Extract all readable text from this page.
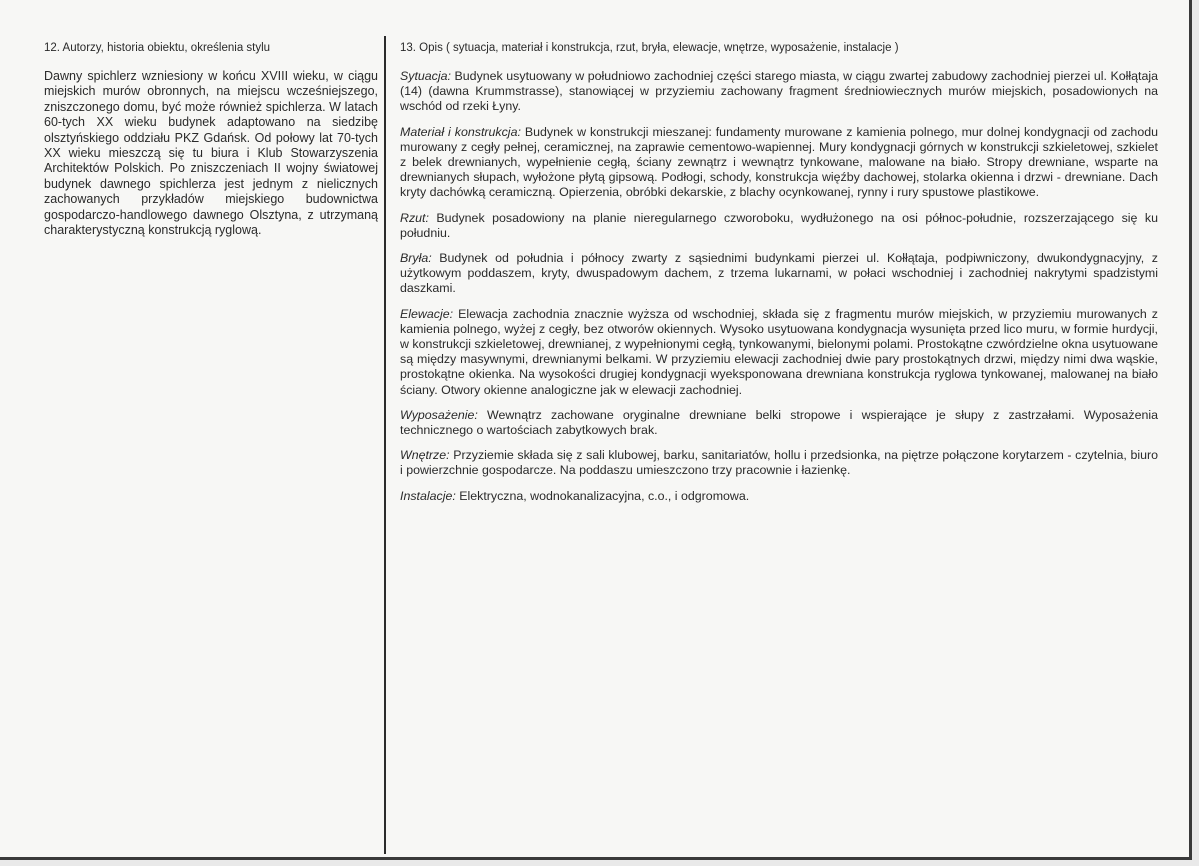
12. Autorzy, historia obiektu, określenia stylu

Dawny spichlerz wzniesiony w końcu XVIII wieku, w ciągu miejskich murów obronnych, na miejscu wcześniejszego, zniszczonego domu, być może również spichlerza. W latach 60-tych XX wieku budynek adaptowano na siedzibę olsztyńskiego oddziału PKZ Gdańsk. Od połowy lat 70-tych XX wieku mieszczą się tu biura i Klub Stowarzyszenia Architektów Polskich. Po zniszczeniach II wojny światowej budynek dawnego spichlerza jest jednym z nielicznych zachowanych przykładów miejskiego budownictwa gospodarczo-handlowego dawnego Olsztyna, z utrzymaną charakterystyczną konstrukcją ryglową.

13. Opis ( sytuacja, materiał i konstrukcja, rzut, bryła, elewacje, wnętrze, wyposażenie, instalacje )

Sytuacja: Budynek usytuowany w południowo zachodniej części starego miasta, w ciągu zwartej zabudowy zachodniej pierzei ul. Kołłątaja (14) (dawna Krummstrasse), stanowiącej w przyziemiu zachowany fragment średniowiecznych murów miejskich, posadowionych na wschód od rzeki Łyny.

Materiał i konstrukcja: Budynek w konstrukcji mieszanej: fundamenty murowane z kamienia polnego, mur dolnej kondygnacji od zachodu murowany z cegły pełnej, ceramicznej, na zaprawie cementowo-wapiennej. Mury kondygnacji górnych w konstrukcji szkieletowej, szkielet z belek drewnianych, wypełnienie cegłą, ściany zewnątrz i wewnątrz tynkowane, malowane na biało. Stropy drewniane, wsparte na drewnianych słupach, wyłożone płytą gipsową. Podłogi, schody, konstrukcja więźby dachowej, stolarka okienna i drzwi - drewniane. Dach kryty dachówką ceramiczną. Opierzenia, obróbki dekarskie, z blachy ocynkowanej, rynny i rury spustowe plastikowe.

Rzut: Budynek posadowiony na planie nieregularnego czworoboku, wydłużonego na osi północ-południe, rozszerzającego się ku południu.

Bryła: Budynek od południa i północy zwarty z sąsiednimi budynkami pierzei ul. Kołłątaja, podpiwniczony, dwukondygnacyjny, z użytkowym poddaszem, kryty, dwuspadowym dachem, z trzema lukarnami, w połaci wschodniej i zachodniej nakrytymi spadzistymi daszkami.

Elewacje: Elewacja zachodnia znacznie wyższa od wschodniej, składa się z fragmentu murów miejskich, w przyziemiu murowanych z kamienia polnego, wyżej z cegły, bez otworów okiennych. Wysoko usytuowana kondygnacja wysunięta przed lico muru, w formie hurdycji, w konstrukcji szkieletowej, drewnianej, z wypełnionymi cegłą, tynkowanymi, bielonymi polami. Prostokątne czwórdzielne okna usytuowane są między masywnymi, drewnianymi belkami. W przyziemiu elewacji zachodniej dwie pary prostokątnych drzwi, między nimi dwa wąskie, prostokątne okienka. Na wysokości drugiej kondygnacji wyeksponowana drewniana konstrukcja ryglowa tynkowanej, malowanej na biało ściany. Otwory okienne analogiczne jak w elewacji zachodniej.

Wyposażenie: Wewnątrz zachowane oryginalne drewniane belki stropowe i wspierające je słupy z zastrzałami. Wyposażenia technicznego o wartościach zabytkowych brak.

Wnętrze: Przyziemie składa się z sali klubowej, barku, sanitariatów, hollu i przedsionka, na piętrze połączone korytarzem - czytelnia, biuro i powierzchnie gospodarcze. Na poddaszu umieszczono trzy pracownie i łazienkę.

Instalacje: Elektryczna, wodnokanalizacyjna, c.o., i odgromowa.
